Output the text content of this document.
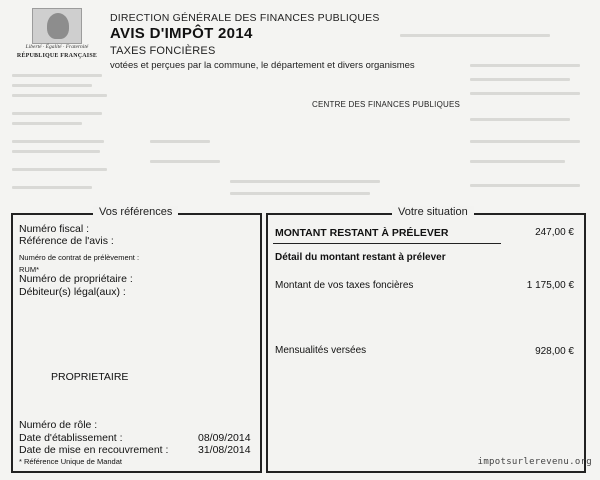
Liberté · Égalité · Fraternité
RÉPUBLIQUE FRANÇAISE
DIRECTION GÉNÉRALE DES FINANCES PUBLIQUES
AVIS D'IMPÔT 2014
TAXES FONCIÈRES
votées et perçues par la commune, le département et divers organismes
CENTRE DES FINANCES PUBLIQUES
Vos références
Numéro fiscal :
Référence de l'avis :
Numéro de contrat de prélèvement :
RUM*
Numéro de propriétaire :
Débiteur(s) légal(aux) :
PROPRIETAIRE
Numéro de rôle :
Date d'établissement :	08/09/2014
Date de mise en recouvrement :	31/08/2014
* Référence Unique de Mandat
Votre situation
MONTANT RESTANT À PRÉLEVER	247,00 €
Détail du montant restant à prélever
Montant de vos taxes foncières	1 175,00 €
Mensualités versées	928,00 €
impotsurlerevenu.org
